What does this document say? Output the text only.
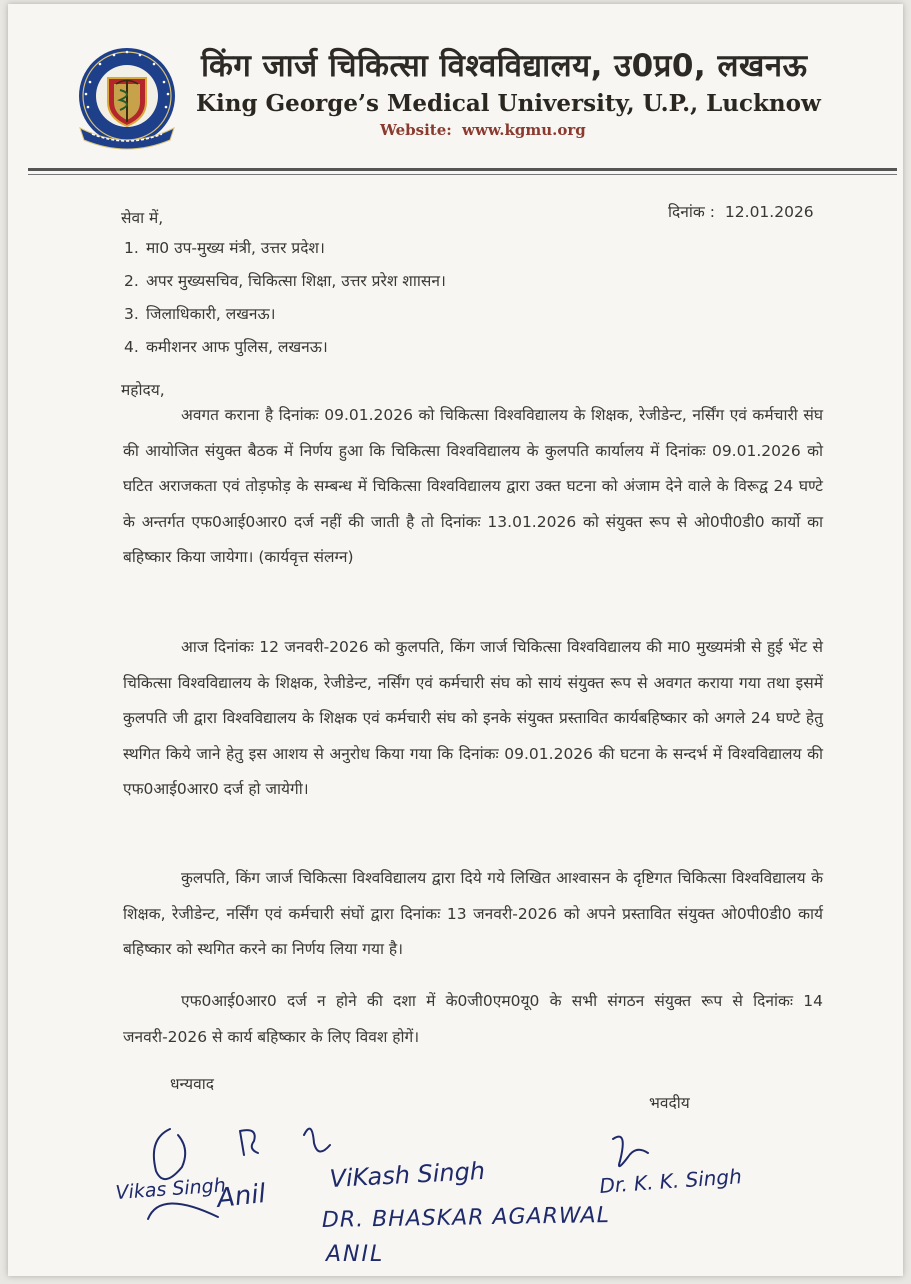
किंग जार्ज चिकित्सा विश्वविद्यालय, उ0प्र0, लखनऊ
King George’s Medical University, U.P., Lucknow
Website: www.kgmu.org
दिनांक : 12.01.2026
सेवा में,
1. मा0 उप-मुख्य मंत्री, उत्तर प्रदेश।
2. अपर मुख्यसचिव, चिकित्सा शिक्षा, उत्तर प्ररेश शाासन।
3. जिलाधिकारी, लखनऊ।
4. कमीशनर आफ पुलिस, लखनऊ।
महोदय,

अवगत कराना है दिनांकः 09.01.2026 को चिकित्सा विश्वविद्यालय के शिक्षक, रेजीडेन्ट, नर्सिंग एवं कर्मचारी संघ की आयोजित संयुक्त बैठक में निर्णय हुआ कि चिकित्सा विश्वविद्यालय के कुलपति कार्यालय में दिनांकः 09.01.2026 को घटित अराजकता एवं तोड़फोड़ के सम्बन्ध में चिकित्सा विश्वविद्यालय द्वारा उक्त घटना को अंजाम देने वाले के विरूद्व 24 घण्टे के अन्तर्गत एफ0आई0आर0 दर्ज नहीं की जाती है तो दिनांकः 13.01.2026 को संयुक्त रूप से ओ0पी0डी0 कार्यो का बहिष्कार किया जायेगा। (कार्यवृत्त संलग्न)

आज दिनांकः 12 जनवरी-2026 को कुलपति, किंग जार्ज चिकित्सा विश्वविद्यालय की मा0 मुख्यमंत्री से हुई भेंट से चिकित्सा विश्वविद्यालय के शिक्षक, रेजीडेन्ट, नर्सिंग एवं कर्मचारी संघ को सायं संयुक्त रूप से अवगत कराया गया तथा इसमें कुलपति जी द्वारा विश्वविद्यालय के शिक्षक एवं कर्मचारी संघ को इनके संयुक्त प्रस्तावित कार्यबहिष्कार को अगले 24 घण्टे हेतु स्थगित किये जाने हेतु इस आशय से अनुरोध किया गया कि दिनांकः 09.01.2026 की घटना के सन्दर्भ में विश्वविद्यालय की एफ0आई0आर0 दर्ज हो जायेगी।

कुलपति, किंग जार्ज चिकित्सा विश्वविद्यालय द्वारा दिये गये लिखित आश्वासन के दृष्टिगत चिकित्सा विश्वविद्यालय के शिक्षक, रेजीडेन्ट, नर्सिंग एवं कर्मचारी संघों द्वारा दिनांकः 13 जनवरी-2026 को अपने प्रस्तावित संयुक्त ओ0पी0डी0 कार्य बहिष्कार को स्थगित करने का निर्णय लिया गया है।

एफ0आई0आर0 दर्ज न होने की दशा में के0जी0एम0यू0 के सभी संगठन संयुक्त रूप से दिनांकः 14 जनवरी-2026 से कार्य बहिष्कार के लिए विवश होगें।

धन्यवाद
भवदीय
Vikas Singh
Anil
ViKash Singh
DR. BHASKAR AGARWAL
ANIL
Dr. K. K. Singh
